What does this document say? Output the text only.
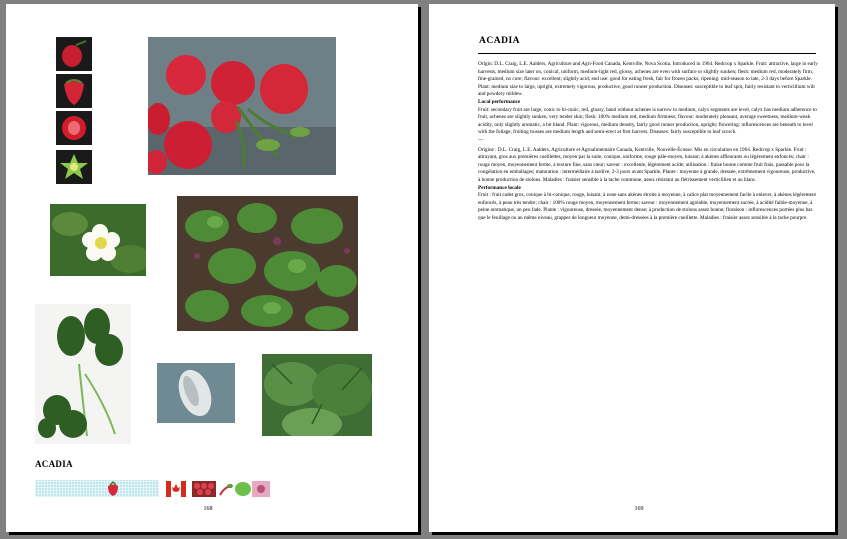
ACADIA
168
ACADIA

Origin: D.L. Craig, L.E. Aalders, Agriculture and Agri-Food Canada, Kentville, Nova Scotia. Introduced in 1964. Redcrop x Sparkle. Fruit: attractive, large in early harvests, medium size later on, conical, uniform, medium-light red, glossy, achenes are even with surface or slightly sunken; flesh: medium red, moderately firm, fine-grained, no core; flavour: excellent; slightly acid; end use: good for eating fresh, fair for frozen packs; ripening: mid-season to late, 2-3 days before Sparkle. Plant: medium size to large, upright, extremely vigorous, productive, good runner production. Diseases: susceptible to leaf spot, fairly resistant to verticillium wilt and powdery mildew.

Local performance

Fruit: secondary fruit are large, conic to bi-conic, red, glossy, band without achenes is narrow to medium, calyx segments are level, calyx has medium adherence to fruit, achenes are slightly sunken, very tender skin; flesh: 100% medium red, medium firmness; flavour: moderately pleasant, average sweetness, medium-weak acidity, only slightly aromatic, a bit bland. Plant: vigorous, medium density, fairly good runner production, upright; flowering: inflorescences are beneath to level with the foliage, fruiting trusses are medium length and semi-erect at first harvest. Diseases: fairly susceptible to leaf scorch.

—

Origine : D.L. Craig, L.E. Aalders, Agriculture et Agroalimentaire Canada, Kentville, Nouvelle-Écosse. Mis en circulation en 1964. Redcrop x Sparkle. Fruit : attrayant, gros aux premières cueillettes, moyen par la suite, conique, uniforme, rouge pâle-moyen, luisant; à akènes affleurants ou légèrement enfoncés; chair : rouge moyen, moyennement ferme, à texture fine, sans cœur; saveur : excellente, légèrement acide; utilisation : fraise bonne comme fruit frais, passable pour la congélation en emballages; maturation : intermédiaire à tardive, 2-3 jours avant Sparkle. Plante : moyenne à grande, dressée, extrêmement vigoureuse, productive, à bonne production de stolons. Maladies : fraisier sensible à la tache commune, assez résistant au flétrissement verticillien et au blanc.

Performance locale

Fruit : fruit cadet gros, conique à bi-conique, rouge, luisant, à zone sans akènes étroite à moyenne, à calice plat moyennement facile à enlever, à akènes légèrement enfoncés, à peau très tendre; chair : 100% rouge moyen, moyennement ferme; saveur : moyennement agréable, moyennement sucrée, à acidité faible-moyenne, à peine aromatique, un peu fade. Plante : vigoureuse, dressée, moyennement dense; à production de stolons assez bonne; floraison : inflorescences portées plus bas que le feuillage ou au même niveau, grappes de longueur moyenne, demi-dressées à la première cueillette. Maladies : fraisier assez sensible à la tache pourpre.

169
